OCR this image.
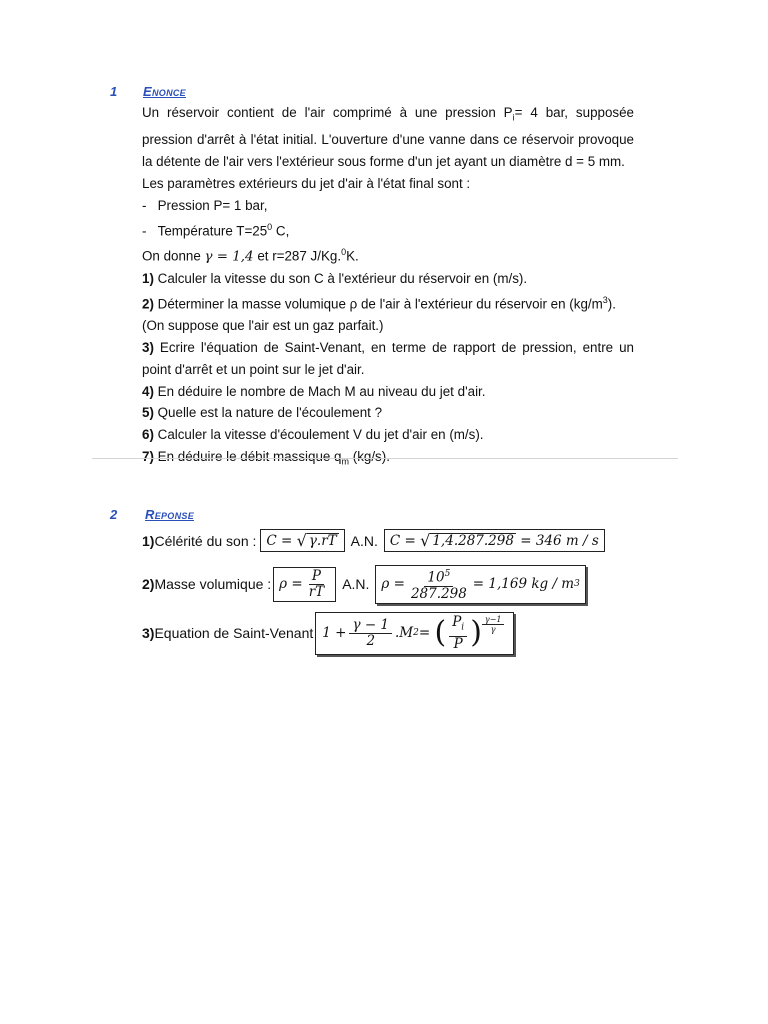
1 Enonce
Un réservoir contient de l'air comprimé à une pression $P_i= 4$ bar, supposée
pression d'arrêt à l'état initial. L'ouverture d'une vanne dans ce réservoir provoque
la détente de l'air vers l'extérieur sous forme d'un jet ayant un diamètre d = 5 mm.
Les paramètres extérieurs du jet d'air à l'état final sont :
-   Pression P= 1 bar,
-   Température $T=25^0$ C,
On donne γ = 1,4 et r=287 J/Kg.$^0$K.
1) Calculer la vitesse du son C à l'extérieur du réservoir en (m/s).
2) Déterminer la masse volumique ρ de l'air à l'extérieur du réservoir en $(kg/m^3)$.
(On suppose que l'air est un gaz parfait.)
3) Ecrire l'équation de Saint-Venant, en terme de rapport de pression, entre un
point d'arrêt et un point sur le jet d'air.
4) En déduire le nombre de Mach M au niveau du jet d'air.
5) Quelle est la nature de l'écoulement ?
6) Calculer la vitesse d'écoulement V du jet d'air en (m/s).
7) En déduire le débit massique $q_m$ (kg/s).
2 Reponse
1) Célérité du son : C =
√ γ.rT A.N. C =
√ 1,4.287.298
= 346 m / s
2) Masse volumique : $\rho = \frac{P}{rT} A.N$. $\rho = \frac{10^5}{287.298} = 1,169$ kg / m 3
3) Equation de Saint-Venant $1 + \frac{\gamma - 1}{2} .M$ 2 =
( $\frac{P_i}{P}$ ) $\frac{\gamma-1}{\gamma}$
